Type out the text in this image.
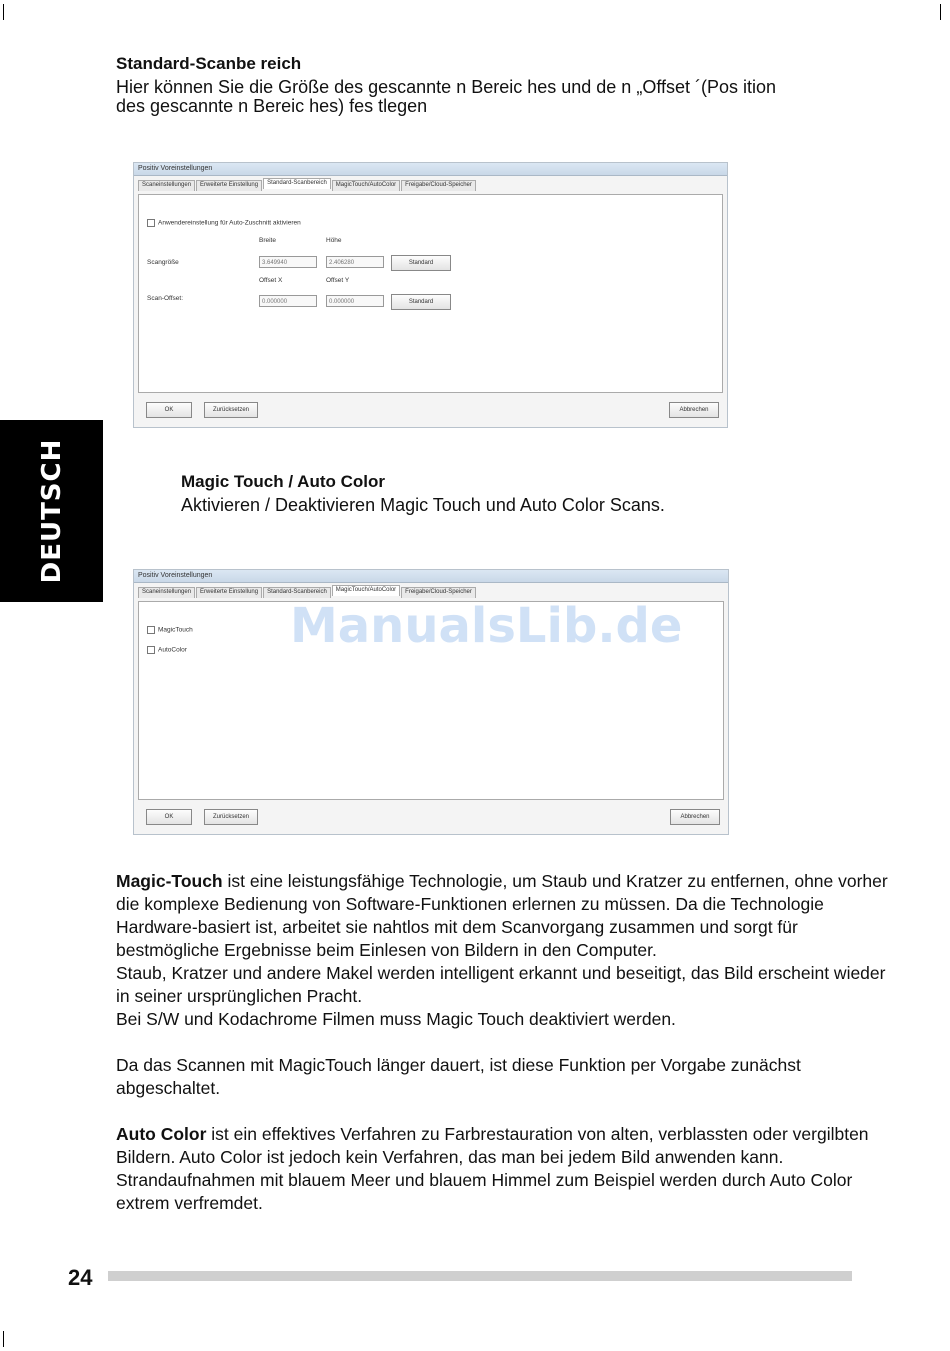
DEUTSCH
Standard-Scanbe reich
Hier können Sie die Größe des gescannte n Bereic hes und de n „Offset ´(Pos ition
des gescannte n Bereic hes) fes tlegen
Positiv Voreinstellungen
Scaneinstellungen	Erweiterte Einstellung	Standard-Scanbereich	MagicTouch/AutoColor	Freigabe/Cloud-Speicher
Anwendereinstellung für Auto-Zuschnitt aktivieren
Breite	Höhe
Scangröße	3.649940	2.406280	Standard
Offset X	Offset Y
Scan-Offset:	0.000000	0.000000	Standard
OK	Zurücksetzen	Abbrechen
Magic Touch / Auto Color
Aktivieren / Deaktivieren Magic Touch und Auto Color Scans.
Positiv Voreinstellungen
Scaneinstellungen	Erweiterte Einstellung	Standard-Scanbereich	MagicTouch/AutoColor	Freigabe/Cloud-Speicher
MagicTouch
AutoColor
OK	Zurücksetzen	Abbrechen
ManualsLib.de

Magic-Touch ist eine leistungsfähige Technologie, um Staub und Kratzer zu entfernen, ohne vorher die komplexe Bedienung von Software-Funktionen erlernen zu müssen. Da die Technologie Hardware-basiert ist, arbeitet sie nahtlos mit dem Scanvorgang zusammen und sorgt für bestmögliche Ergebnisse beim Einlesen von Bildern in den Computer.

Staub, Kratzer und andere Makel werden intelligent erkannt und beseitigt, das Bild erscheint wieder in seiner ursprünglichen Pracht.

Bei S/W und Kodachrome Filmen muss Magic Touch deaktiviert werden.

Da das Scannen mit MagicTouch länger dauert, ist diese Funktion per Vorgabe zunächst abgeschaltet.

Auto Color ist ein effektives Verfahren zu Farbrestauration von alten, verblassten oder vergilbten Bildern. Auto Color ist jedoch kein Verfahren, das man bei jedem Bild anwenden kann. Strandaufnahmen mit blauem Meer und blauem Himmel zum Beispiel werden durch Auto Color extrem verfremdet.

24
